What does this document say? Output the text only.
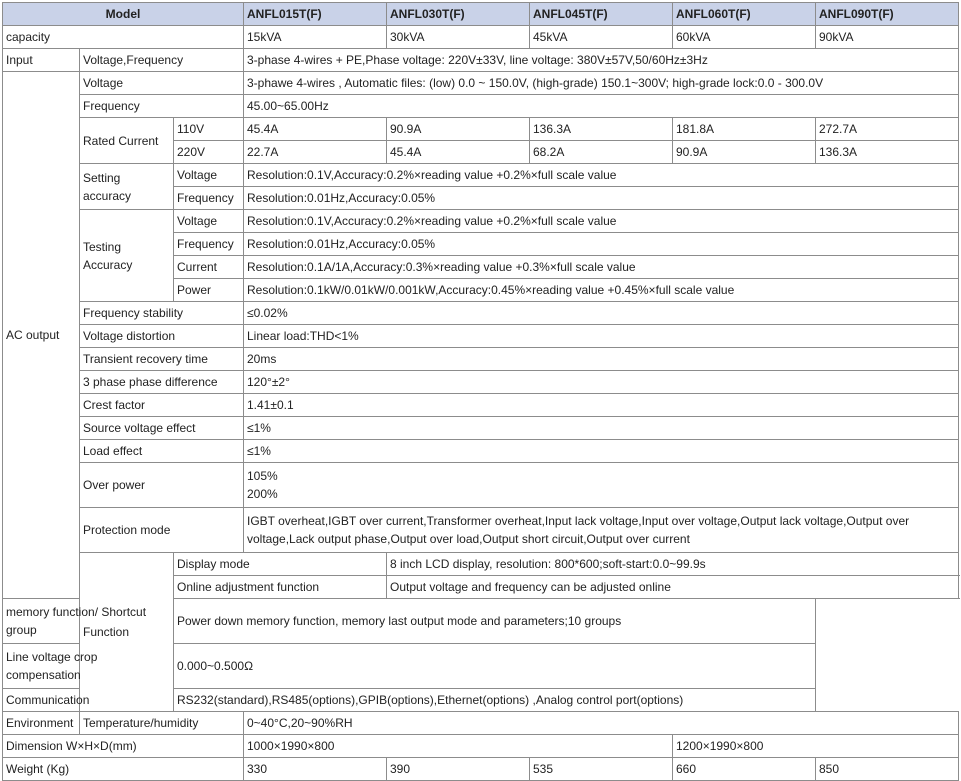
Model			ANFL015T(F)	ANFL030T(F)	ANFL045T(F)	ANFL060T(F)	ANFL090T(F)
capacity			15kVA	30kVA	45kVA	60kVA	90kVA
Input	Voltage,Frequency		3-phase 4-wires + PE,Phase voltage: 220V±33V, line voltage: 380V±57V,50/60Hz±3Hz				
AC output	Voltage		3-phawe 4-wires , Automatic files: (low) 0.0 ~ 150.0V, (high-grade) 150.1~300V; high-grade lock:0.0 - 300.0V				
	Frequency		45.00~65.00Hz				
	Rated Current	110V	45.4A	90.9A	136.3A	181.8A	272.7A
		220V	22.7A	45.4A	68.2A	90.9A	136.3A

	Setting
accuracy	Voltage	Resolution:0.1V,Accuracy:0.2%×reading value +0.2%×full scale value				
		Frequency	Resolution:0.01Hz,Accuracy:0.05%				

	Testing
Accuracy	Voltage	Resolution:0.1V,Accuracy:0.2%×reading value +0.2%×full scale value				
		Frequency	Resolution:0.01Hz,Accuracy:0.05%				
		Current	Resolution:0.1A/1A,Accuracy:0.3%×reading value +0.3%×full scale value				
		Power	Resolution:0.1kW/0.01kW/0.001kW,Accuracy:0.45%×reading value +0.45%×full scale value				
	Frequency stability		≤0.02%				
	Voltage distortion		Linear load:THD<1%				
	Transient recovery time		20ms				
	3 phase phase difference		120°±2°				
	Crest factor		1.41±0.1				
	Source voltage effect		≤1%				
	Load effect		≤1%				
	Over power		105%
200%				

	Protection mode		IGBT overheat,IGBT over current,Transformer overheat,Input lack voltage,Input over voltage,Output lack voltage,Output over voltage,Lack output phase,Output over load,Output short circuit,Output over current				
	Function	Display mode		8 inch LCD display, resolution: 800*600;soft-start:0.0~99.9s			
		Online adjustment function		Output voltage and frequency can be adjusted online			
memory function/ Shortcut group		Power down memory function, memory last output mode and parameters;10 groups					
Line voltage crop compensation		0.000~0.500Ω					
Communication		RS232(standard),RS485(options),GPIB(options),Ethernet(options) ,Analog control port(options)					
Environment	Temperature/humidity		0~40°C,20~90%RH				
Dimension W×H×D(mm)			1000×1990×800			1200×1990×800	
Weight (Kg)			330	390	535	660	850
